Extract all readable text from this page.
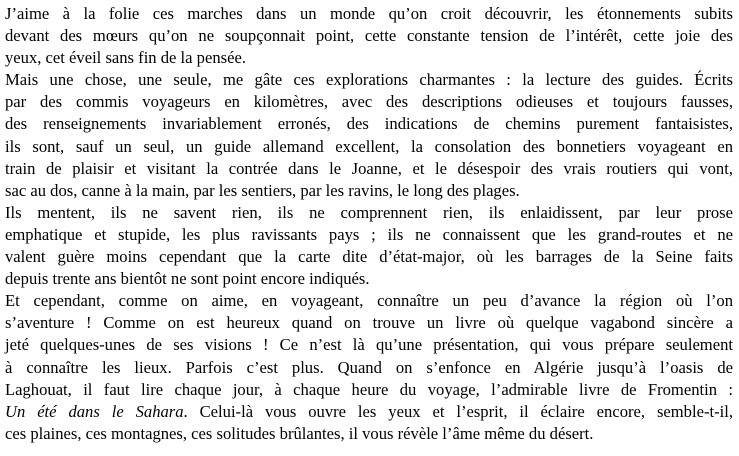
J’aime à la folie ces marches dans un monde qu’on croit découvrir, les étonnements subits
devant des mœurs qu’on ne soupçonnait point, cette constante tension de l’intérêt, cette joie des
yeux, cet éveil sans fin de la pensée.

Mais une chose, une seule, me gâte ces explorations charmantes : la lecture des guides. Écrits
par des commis voyageurs en kilomètres, avec des descriptions odieuses et toujours fausses,
des renseignements invariablement erronés, des indications de chemins purement fantaisistes,
ils sont, sauf un seul, un guide allemand excellent, la consolation des bonnetiers voyageant en
train de plaisir et visitant la contrée dans le Joanne, et le désespoir des vrais routiers qui vont,
sac au dos, canne à la main, par les sentiers, par les ravins, le long des plages.

Ils mentent, ils ne savent rien, ils ne comprennent rien, ils enlaidissent, par leur prose
emphatique et stupide, les plus ravissants pays ; ils ne connaissent que les grand-routes et ne
valent guère moins cependant que la carte dite d’état-major, où les barrages de la Seine faits
depuis trente ans bientôt ne sont point encore indiqués.

Et cependant, comme on aime, en voyageant, connaître un peu d’avance la région où l’on
s’aventure ! Comme on est heureux quand on trouve un livre où quelque vagabond sincère a
jeté quelques-unes de ses visions ! Ce n’est là qu’une présentation, qui vous prépare seulement
à connaître les lieux. Parfois c’est plus. Quand on s’enfonce en Algérie jusqu’à l’oasis de
Laghouat, il faut lire chaque jour, à chaque heure du voyage, l’admirable livre de Fromentin :
Un été dans le Sahara. Celui-là vous ouvre les yeux et l’esprit, il éclaire encore, semble-t-il,
ces plaines, ces montagnes, ces solitudes brûlantes, il vous révèle l’âme même du désert.
